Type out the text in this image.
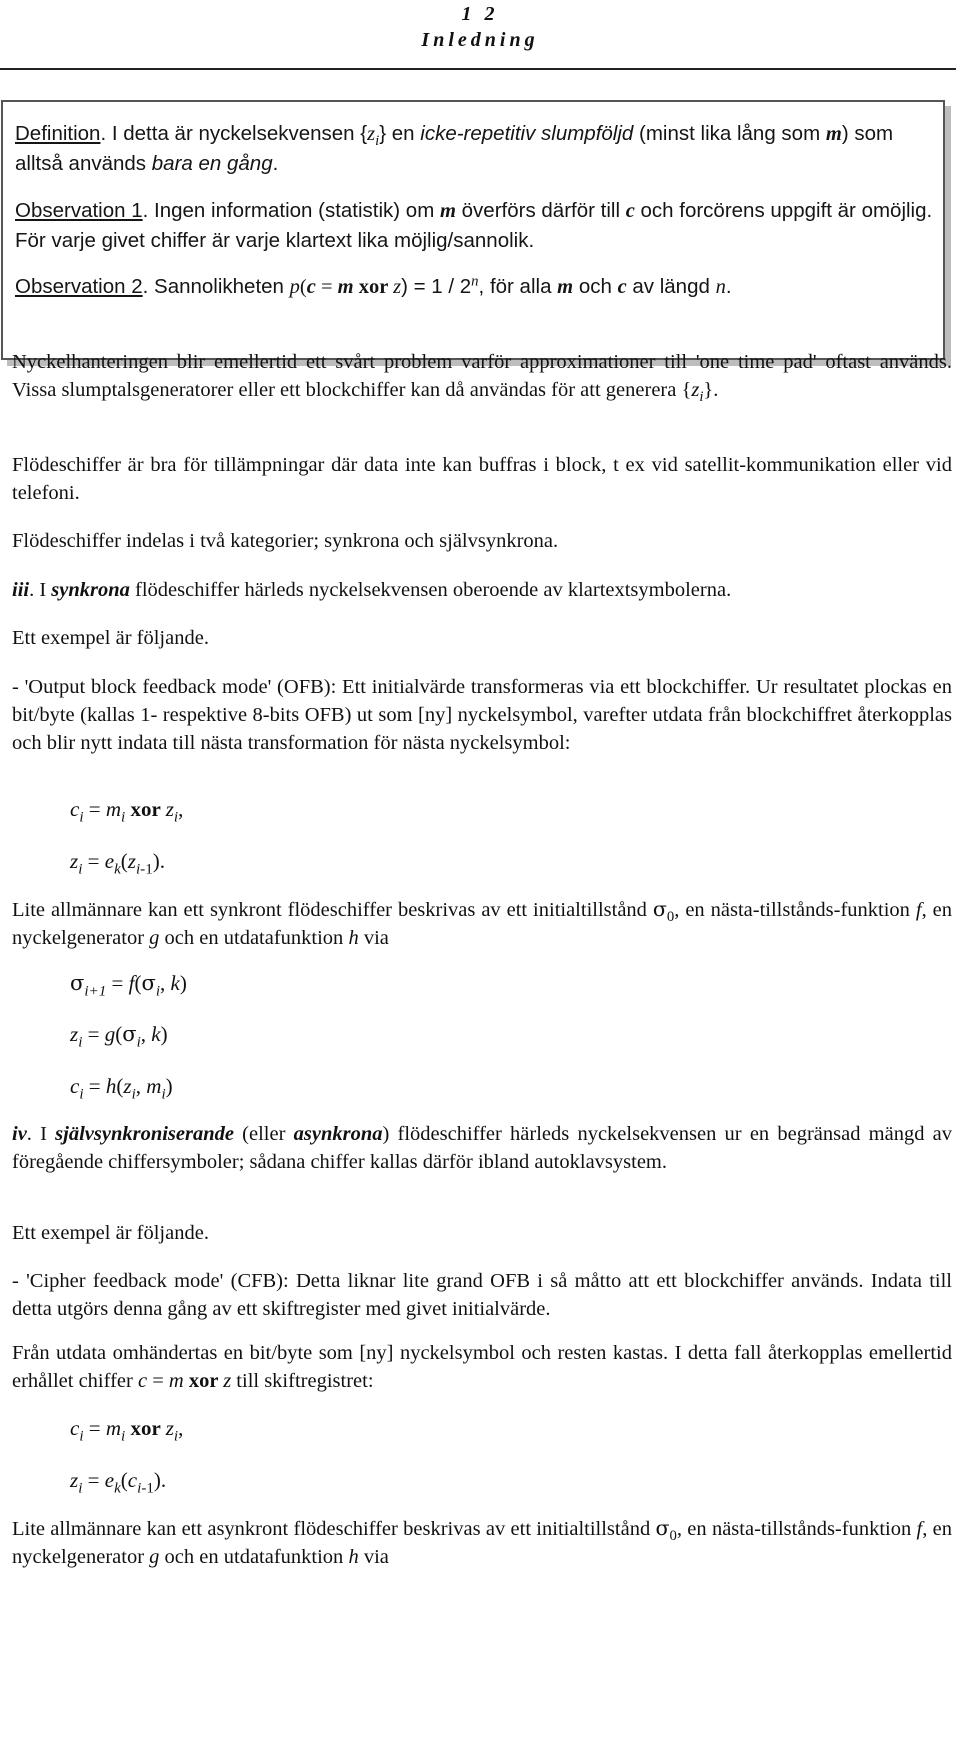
1 2
Inledning

Definition. I detta är nyckelsekvensen $\{z_i\}$ en icke-repetitiv slumpföljd (minst lika lång som m) som alltså används bara en gång.

Observation 1. Ingen information (statistik) om m överförs därför till c och forcörens uppgift är omöjlig. För varje givet chiffer är varje klartext lika möjlig/sannolik.

Observation 2. Sannolikheten p(c = m xor z) = 1 / 2$^n$, för alla m och c av längd n.

Nyckelhanteringen blir emellertid ett svårt problem varför approximationer till 'one time pad' oftast används. Vissa slumptalsgeneratorer eller ett blockchiffer kan då användas för att generera $\{z_i\}$.

Flödeschiffer är bra för tillämpningar där data inte kan buffras i block, t ex vid satellit-kommunikation eller vid telefoni.

Flödeschiffer indelas i två kategorier; synkrona och självsynkrona.

iii. I synkrona flödeschiffer härleds nyckelsekvensen oberoende av klartextsymbolerna.

Ett exempel är följande.

- 'Output block feedback mode' (OFB): Ett initialvärde transformeras via ett blockchiffer. Ur resultatet plockas en bit/byte (kallas 1- respektive 8-bits OFB) ut som [ny] nyckelsymbol, varefter utdata från blockchiffret återkopplas och blir nytt indata till nästa transformation för nästa nyckelsymbol:

$c_i = m_i$ xor $z_i$,
$z_i = e_k(z_{i-1})$.

Lite allmännare kan ett synkront flödeschiffer beskrivas av ett initialtillstånd $\sigma_0$, en nästa-tillstånds-funktion f, en nyckelgenerator g och en utdatafunktion h via

$\sigma_{i+1} = f(\sigma_i$, k)
$z_i = g(\sigma_i$, k)
$c_i = h(z_i$, $m_i$)

iv. I självsynkroniserande (eller asynkrona) flödeschiffer härleds nyckelsekvensen ur en begränsad mängd av föregående chiffersymboler; sådana chiffer kallas därför ibland autoklavsystem.

Ett exempel är följande.

- 'Cipher feedback mode' (CFB): Detta liknar lite grand OFB i så måtto att ett blockchiffer används. Indata till detta utgörs denna gång av ett skiftregister med givet initialvärde.

Från utdata omhändertas en bit/byte som [ny] nyckelsymbol och resten kastas. I detta fall återkopplas emellertid erhållet chiffer c = m xor z till skiftregistret:

$c_i = m_i$ xor $z_i$,
$z_i = e_k(c_{i-1})$.

Lite allmännare kan ett asynkront flödeschiffer beskrivas av ett initialtillstånd $\sigma_0$, en nästa-tillstånds-funktion f, en nyckelgenerator g och en utdatafunktion h via
